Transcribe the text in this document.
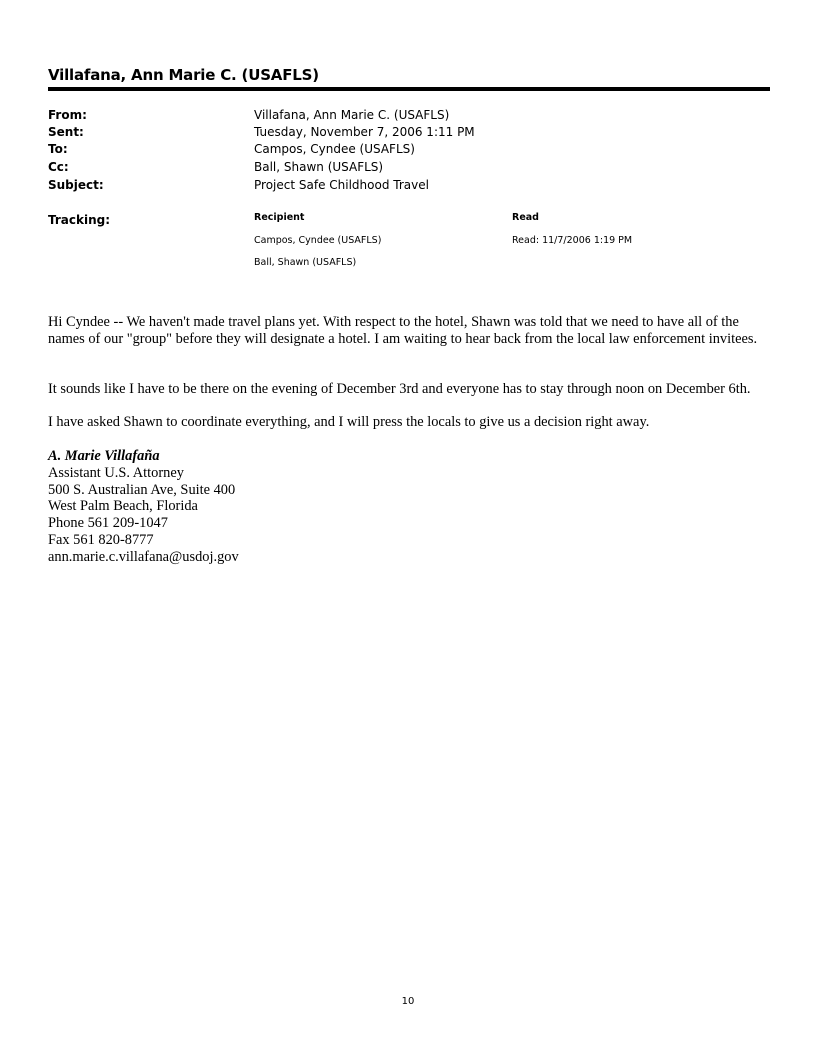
Villafana, Ann Marie C. (USAFLS)
From:	Villafana, Ann Marie C. (USAFLS)
Sent:	Tuesday, November 7, 2006 1:11 PM
To:	Campos, Cyndee (USAFLS)
Cc:	Ball, Shawn (USAFLS)
Subject:	Project Safe Childhood Travel
Tracking:	Recipient	Read
Campos, Cyndee (USAFLS)	Read: 11/7/2006 1:19 PM
Ball, Shawn (USAFLS)
Hi Cyndee -- We haven't made travel plans yet. With respect to the hotel, Shawn was told that we need to have all of the names of our "group" before they will designate a hotel. I am waiting to hear back from the local law enforcement invitees.
It sounds like I have to be there on the evening of December 3rd and everyone has to stay through noon on December 6th.
I have asked Shawn to coordinate everything, and I will press the locals to give us a decision right away.
A. Marie Villafaña
Assistant U.S. Attorney
500 S. Australian Ave, Suite 400
West Palm Beach, Florida
Phone 561 209-1047
Fax 561 820-8777
ann.marie.c.villafana@usdoj.gov
10
